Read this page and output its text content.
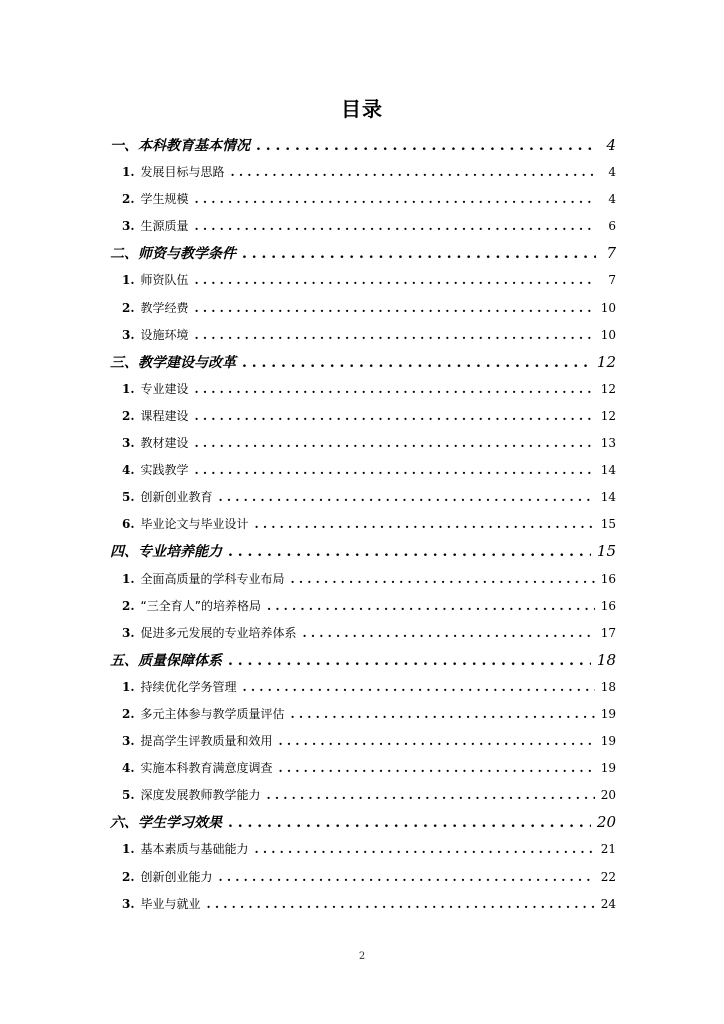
目录
一、 本科教育基本情况 . . .	4
1. 发展目标与思路 . . .	4
2. 学生规模 . . .	4
3. 生源质量 . . .	6
二、 师资与教学条件 . . .	7
1. 师资队伍 . . .	7
2. 教学经费 . . .	10
3. 设施环境 . . .	10
三、 教学建设与改革 . . .	12
1. 专业建设 . . .	12
2. 课程建设 . . .	12
3. 教材建设 . . .	13
4. 实践教学 . . .	14
5. 创新创业教育 . . .	14
6. 毕业论文与毕业设计 . . .	15
四、 专业培养能力 . . .	15
1. 全面高质量的学科专业布局 . . .	16
2. “三全育人”的培养格局 . . .	16
3. 促进多元发展的专业培养体系 . . .	17
五、 质量保障体系 . . .	18
1. 持续优化学务管理 . . .	18
2. 多元主体参与教学质量评估 . . .	19
3. 提高学生评教质量和效用 . . .	19
4. 实施本科教育满意度调查 . . .	19
5. 深度发展教师教学能力 . . .	20
六、 学生学习效果 . . .	20
1. 基本素质与基础能力 . . .	21
2. 创新创业能力 . . .	22
3. 毕业与就业 . . .	24
2
